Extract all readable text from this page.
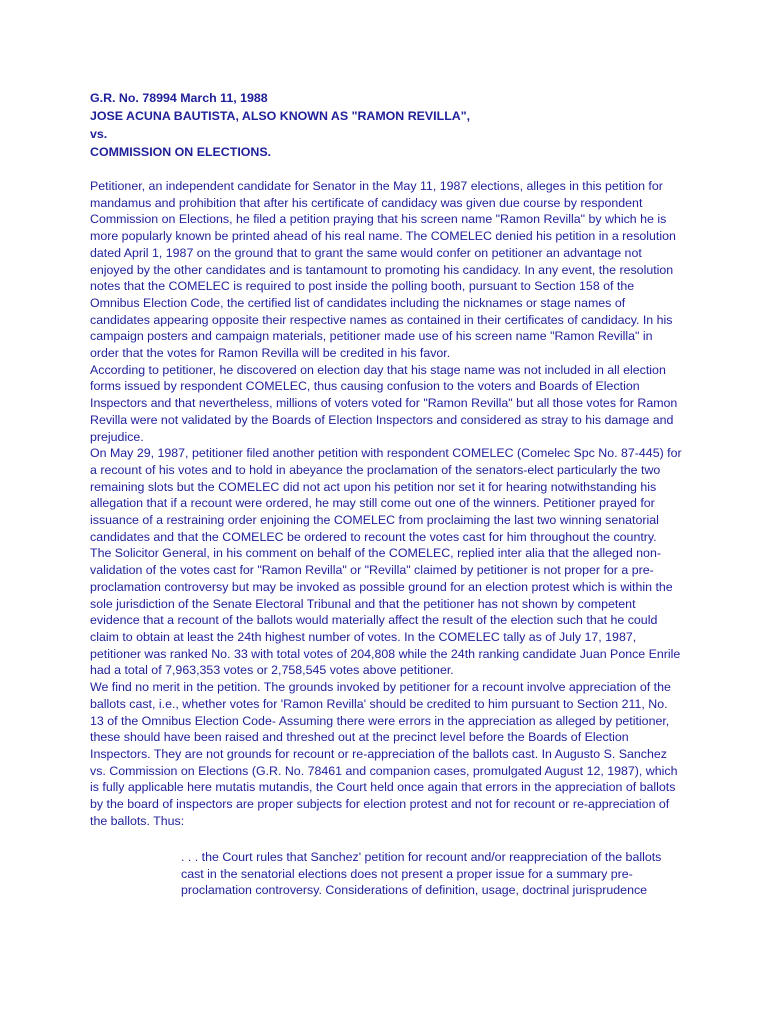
G.R. No. 78994 March 11, 1988

JOSE ACUNA BAUTISTA, ALSO KNOWN AS "RAMON REVILLA",

vs.

COMMISSION ON ELECTIONS.

Petitioner, an independent candidate for Senator in the May 11, 1987 elections, alleges in this petition for mandamus and prohibition that after his certificate of candidacy was given due course by respondent Commission on Elections, he filed a petition praying that his screen name "Ramon Revilla" by which he is more popularly known be printed ahead of his real name. The COMELEC denied his petition in a resolution dated April 1, 1987 on the ground that to grant the same would confer on petitioner an advantage not enjoyed by the other candidates and is tantamount to promoting his candidacy. In any event, the resolution notes that the COMELEC is required to post inside the polling booth, pursuant to Section 158 of the Omnibus Election Code, the certified list of candidates including the nicknames or stage names of candidates appearing opposite their respective names as contained in their certificates of candidacy. In his campaign posters and campaign materials, petitioner made use of his screen name "Ramon Revilla" in order that the votes for Ramon Revilla will be credited in his favor.

According to petitioner, he discovered on election day that his stage name was not included in all election forms issued by respondent COMELEC, thus causing confusion to the voters and Boards of Election Inspectors and that nevertheless, millions of voters voted for "Ramon Revilla" but all those votes for Ramon Revilla were not validated by the Boards of Election Inspectors and considered as stray to his damage and prejudice.

On May 29, 1987, petitioner filed another petition with respondent COMELEC (Comelec Spc No. 87-445) for a recount of his votes and to hold in abeyance the proclamation of the senators-elect particularly the two remaining slots but the COMELEC did not act upon his petition nor set it for hearing notwithstanding his allegation that if a recount were ordered, he may still come out one of the winners. Petitioner prayed for issuance of a restraining order enjoining the COMELEC from proclaiming the last two winning senatorial candidates and that the COMELEC be ordered to recount the votes cast for him throughout the country.

The Solicitor General, in his comment on behalf of the COMELEC, replied inter alia that the alleged non-validation of the votes cast for "Ramon Revilla" or "Revilla" claimed by petitioner is not proper for a pre-proclamation controversy but may be invoked as possible ground for an election protest which is within the sole jurisdiction of the Senate Electoral Tribunal and that the petitioner has not shown by competent evidence that a recount of the ballots would materially affect the result of the election such that he could claim to obtain at least the 24th highest number of votes. In the COMELEC tally as of July 17, 1987, petitioner was ranked No. 33 with total votes of 204,808 while the 24th ranking candidate Juan Ponce Enrile had a total of 7,963,353 votes or 2,758,545 votes above petitioner.

We find no merit in the petition. The grounds invoked by petitioner for a recount involve appreciation of the ballots cast, i.e., whether votes for 'Ramon Revilla' should be credited to him pursuant to Section 211, No. 13 of the Omnibus Election Code- Assuming there were errors in the appreciation as alleged by petitioner, these should have been raised and threshed out at the precinct level before the Boards of Election Inspectors. They are not grounds for recount or re-appreciation of the ballots cast. In Augusto S. Sanchez vs. Commission on Elections (G.R. No. 78461 and companion cases, promulgated August 12, 1987), which is fully applicable here mutatis mutandis, the Court held once again that errors in the appreciation of ballots by the board of inspectors are proper subjects for election protest and not for recount or re-appreciation of the ballots. Thus:

. . . the Court rules that Sanchez' petition for recount and/or reappreciation of the ballots cast in the senatorial elections does not present a proper issue for a summary pre-proclamation controversy. Considerations of definition, usage, doctrinal jurisprudence
